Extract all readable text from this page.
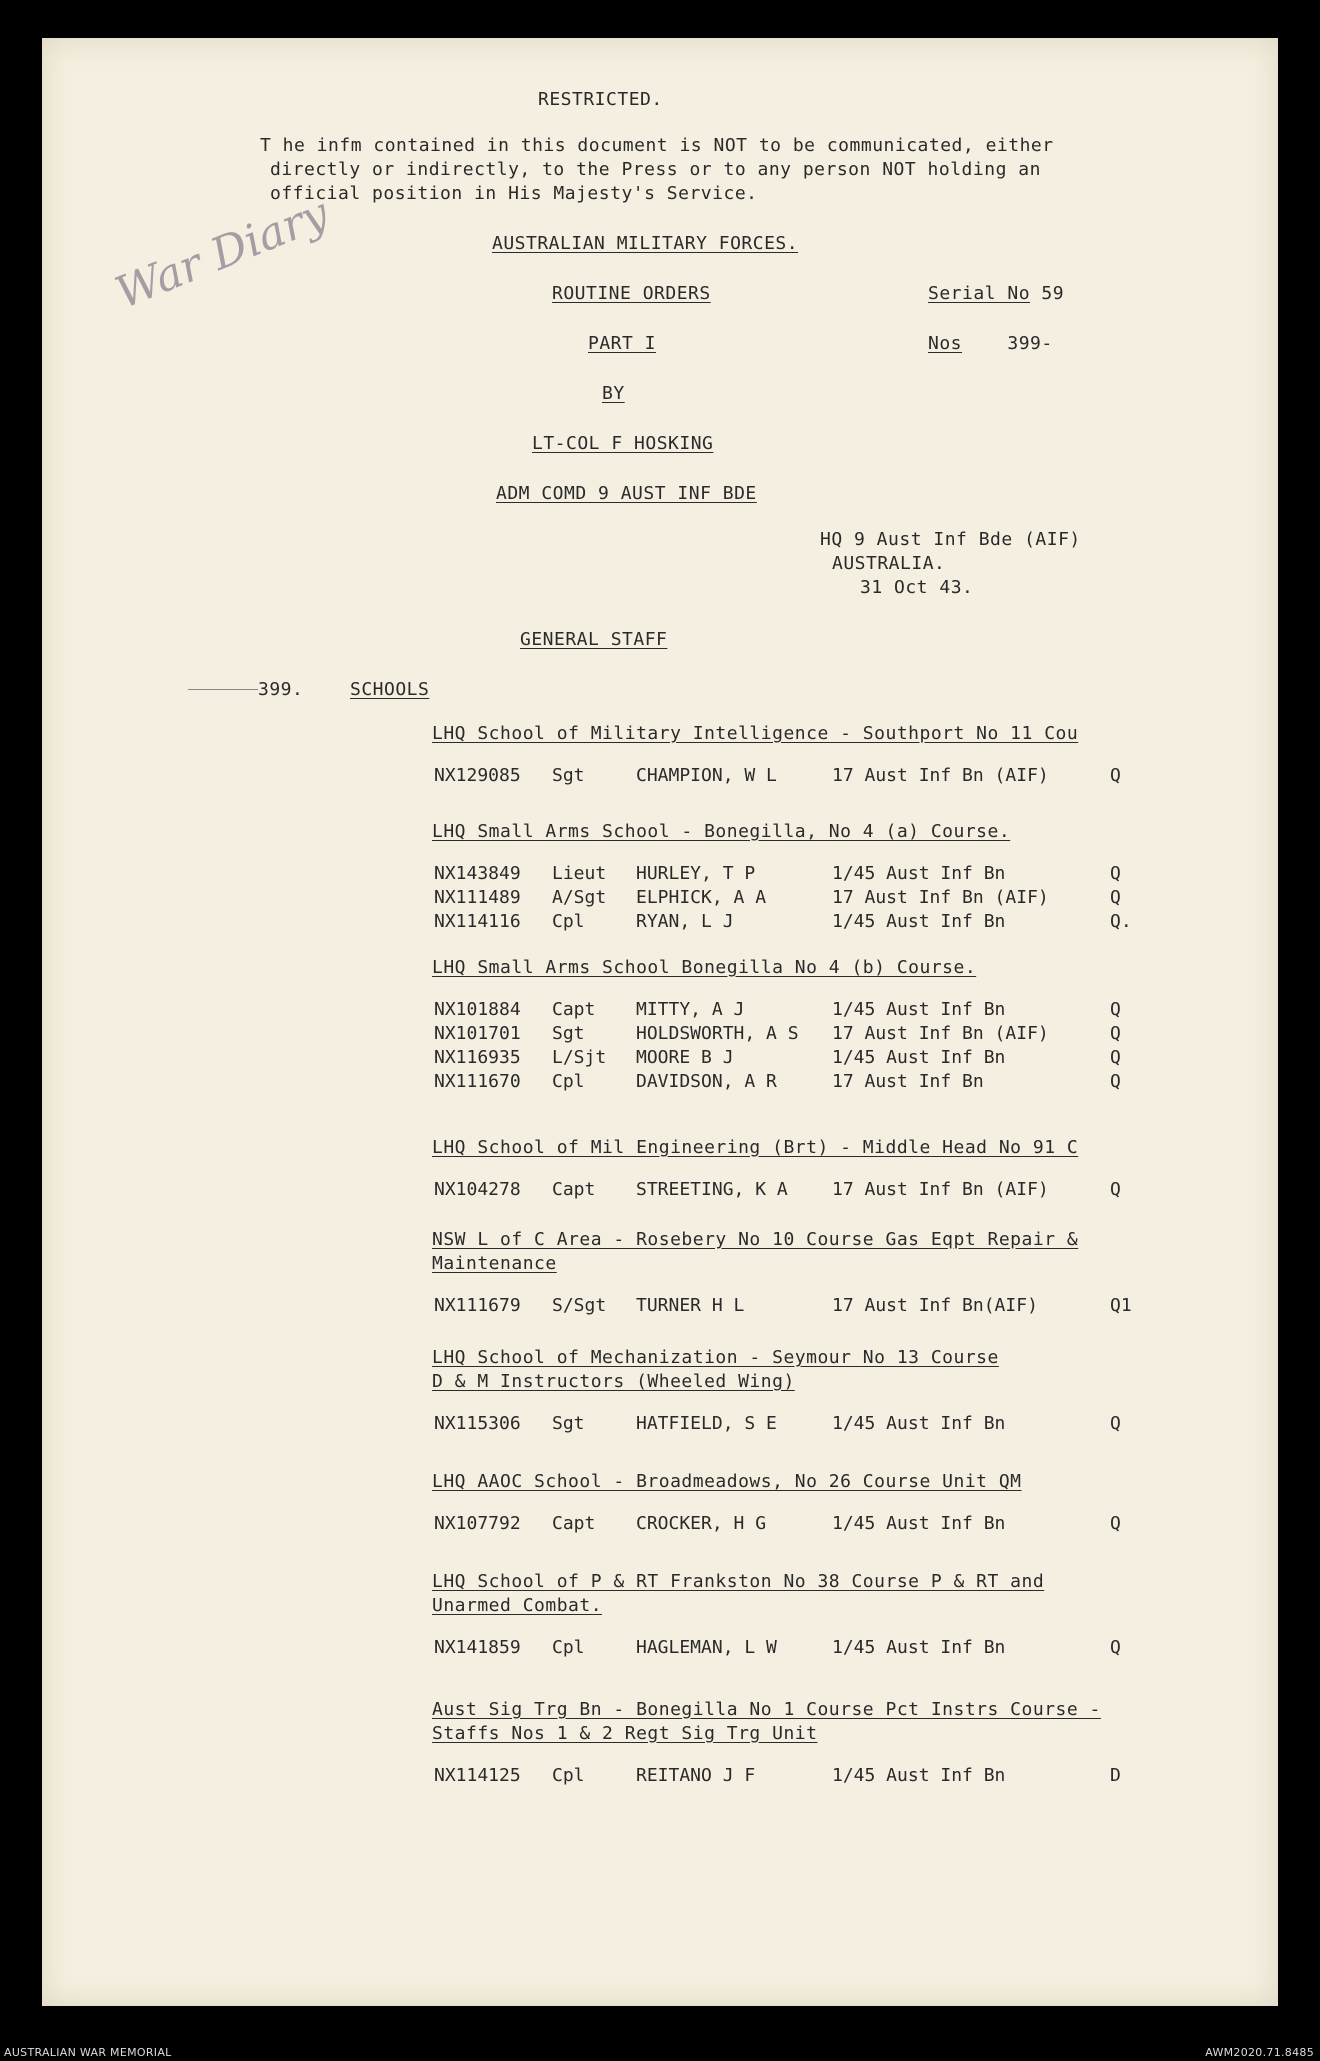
RESTRICTED.
T he infm contained in this document is NOT to be communicated, either
directly or indirectly, to the Press or to any person NOT holding an
official position in His Majesty's Service.
AUSTRALIAN MILITARY FORCES.
ROUTINE ORDERS	Serial No 59
PART I	Nos	399-
BY
LT-COL F HOSKING
ADM COMD 9 AUST INF BDE
HQ 9 Aust Inf Bde (AIF)
AUSTRALIA.
31 Oct 43.
War Diary
GENERAL STAFF
399.	SCHOOLS
LHQ School of Military Intelligence - Southport No 11 Cou
NX129085	Sgt	CHAMPION, W L	17 Aust Inf Bn (AIF)	Q
LHQ Small Arms School - Bonegilla, No 4 (a) Course.
NX143849	Lieut	HURLEY, T P	1/45 Aust Inf Bn	Q
NX111489	A/Sgt	ELPHICK, A A	17 Aust Inf Bn (AIF)	Q
NX114116	Cpl	RYAN, L J	1/45 Aust Inf Bn	Q.
LHQ Small Arms School Bonegilla No 4 (b) Course.
NX101884	Capt	MITTY, A J	1/45 Aust Inf Bn	Q
NX101701	Sgt	HOLDSWORTH, A S	17 Aust Inf Bn (AIF)	Q
NX116935	L/Sjt	MOORE B J	1/45 Aust Inf Bn	Q
NX111670	Cpl	DAVIDSON, A R	17 Aust Inf Bn	Q
LHQ School of Mil Engineering (Brt) - Middle Head No 91 C
NX104278	Capt	STREETING, K A	17 Aust Inf Bn (AIF)	Q
NSW L of C Area - Rosebery No 10 Course Gas Eqpt Repair &
Maintenance
NX111679	S/Sgt	TURNER H L	17 Aust Inf Bn(AIF)	Q1
LHQ School of Mechanization - Seymour No 13 Course
D & M Instructors (Wheeled Wing)
NX115306	Sgt	HATFIELD, S E	1/45 Aust Inf Bn	Q
LHQ AAOC School - Broadmeadows, No 26 Course Unit QM
NX107792	Capt	CROCKER, H G	1/45 Aust Inf Bn	Q
LHQ School of P & RT Frankston No 38 Course P & RT and
Unarmed Combat.
NX141859	Cpl	HAGLEMAN, L W	1/45 Aust Inf Bn	Q
Aust Sig Trg Bn - Bonegilla No 1 Course Pct Instrs Course -
Staffs Nos 1 & 2 Regt Sig Trg Unit
NX114125	Cpl	REITANO J F	1/45 Aust Inf Bn	D
AUSTRALIAN WAR MEMORIAL	AWM2020.71.8485
